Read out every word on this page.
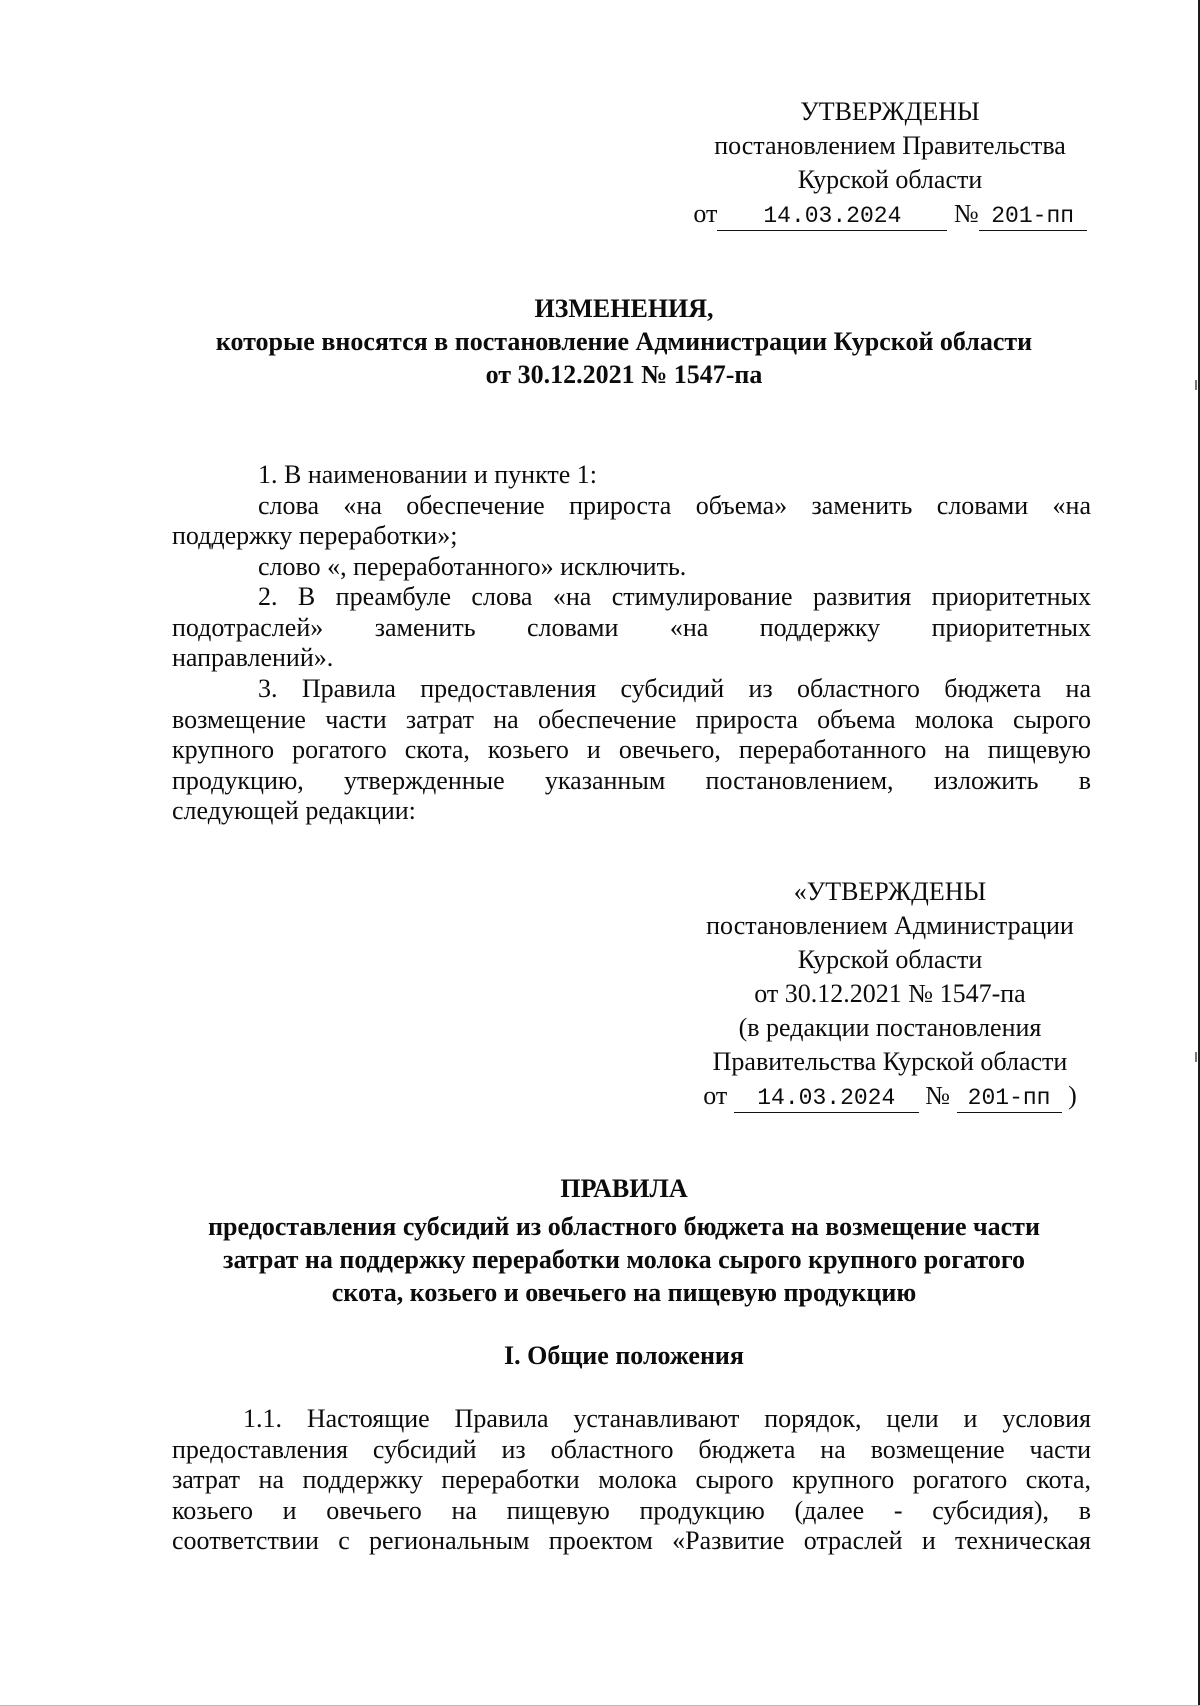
УТВЕРЖДЕНЫ
постановлением Правительства
Курской области
от 14.03.2024 № 201-пп
ИЗМЕНЕНИЯ,
которые вносятся в постановление Администрации Курской области
от 30.12.2021 № 1547-па
1. В наименовании и пункте 1:
слова «на обеспечение прироста объема» заменить словами «на
поддержку переработки»;
слово «, переработанного» исключить.
2. В преамбуле слова «на стимулирование развития приоритетных
подотраслей» заменить словами «на поддержку приоритетных
направлений».
3. Правила предоставления субсидий из областного бюджета на
возмещение части затрат на обеспечение прироста объема молока сырого
крупного рогатого скота, козьего и овечьего, переработанного на пищевую
продукцию, утвержденные указанным постановлением, изложить в
следующей редакции:
«УТВЕРЖДЕНЫ
постановлением Администрации
Курской области
от 30.12.2021 № 1547-па
(в редакции постановления
Правительства Курской области
от 14.03.2024 № 201-пп )
ПРАВИЛА
предоставления субсидий из областного бюджета на возмещение части
затрат на поддержку переработки молока сырого крупного рогатого
скота, козьего и овечьего на пищевую продукцию
I. Общие положения
1.1. Настоящие Правила устанавливают порядок, цели и условия
предоставления субсидий из областного бюджета на возмещение части
затрат на поддержку переработки молока сырого крупного рогатого скота,
козьего и овечьего на пищевую продукцию (далее - субсидия), в
соответствии с региональным проектом «Развитие отраслей и техническая
